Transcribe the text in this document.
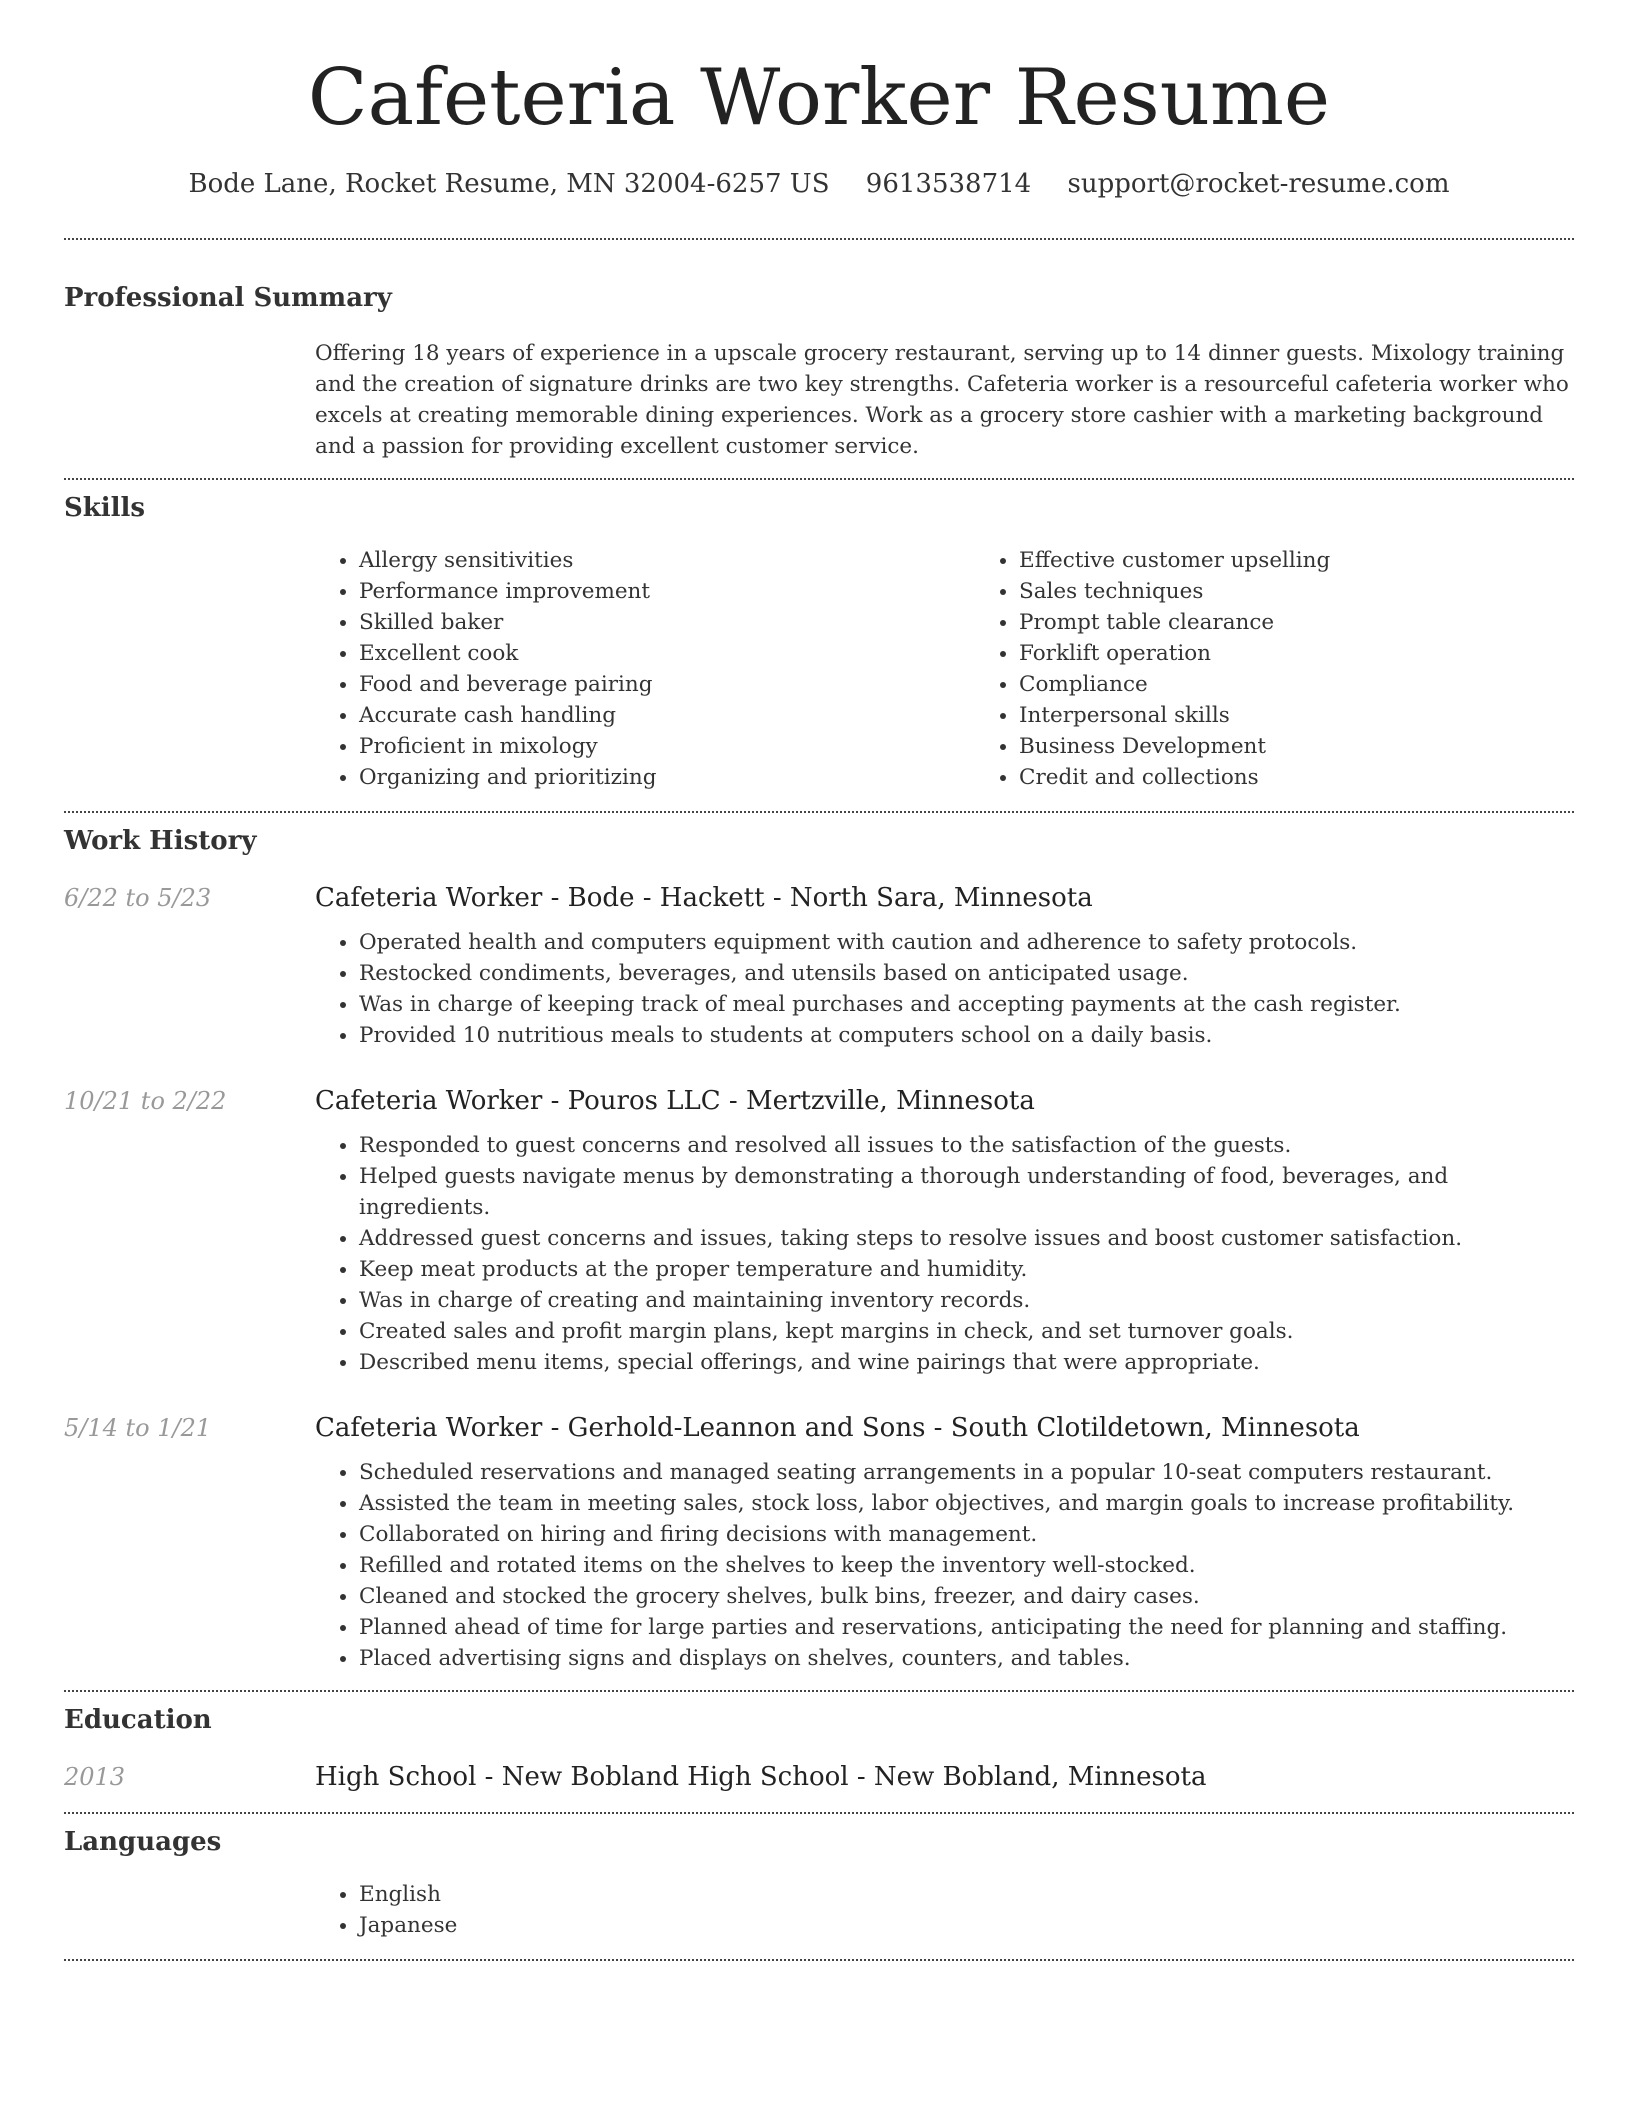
Cafeteria Worker Resume
Bode Lane, Rocket Resume, MN 32004-6257 US 9613538714 support@rocket-resume.com
Professional Summary

Offering 18 years of experience in a upscale grocery restaurant, serving up to 14 dinner guests. Mixology training and the creation of signature drinks are two key strengths. Cafeteria worker is a resourceful cafeteria worker who excels at creating memorable dining experiences. Work as a grocery store cashier with a marketing background and a passion for providing excellent customer service.

Skills
• Allergy sensitivities
• Performance improvement
• Skilled baker
• Excellent cook
• Food and beverage pairing
• Accurate cash handling
• Proficient in mixology
• Organizing and prioritizing
• Effective customer upselling
• Sales techniques
• Prompt table clearance
• Forklift operation
• Compliance
• Interpersonal skills
• Business Development
• Credit and collections
Work History
6/22 to 5/23	Cafeteria Worker - Bode - Hackett - North Sara, Minnesota
• Operated health and computers equipment with caution and adherence to safety protocols.
• Restocked condiments, beverages, and utensils based on anticipated usage.
• Was in charge of keeping track of meal purchases and accepting payments at the cash register.
• Provided 10 nutritious meals to students at computers school on a daily basis.
10/21 to 2/22	Cafeteria Worker - Pouros LLC - Mertzville, Minnesota
• Responded to guest concerns and resolved all issues to the satisfaction of the guests.
• Helped guests navigate menus by demonstrating a thorough understanding of food, beverages, and ingredients.
• Addressed guest concerns and issues, taking steps to resolve issues and boost customer satisfaction.
• Keep meat products at the proper temperature and humidity.
• Was in charge of creating and maintaining inventory records.
• Created sales and profit margin plans, kept margins in check, and set turnover goals.
• Described menu items, special offerings, and wine pairings that were appropriate.
5/14 to 1/21	Cafeteria Worker - Gerhold-Leannon and Sons - South Clotildetown, Minnesota
• Scheduled reservations and managed seating arrangements in a popular 10-seat computers restaurant.
• Assisted the team in meeting sales, stock loss, labor objectives, and margin goals to increase profitability.
• Collaborated on hiring and firing decisions with management.
• Refilled and rotated items on the shelves to keep the inventory well-stocked.
• Cleaned and stocked the grocery shelves, bulk bins, freezer, and dairy cases.
• Planned ahead of time for large parties and reservations, anticipating the need for planning and staffing.
• Placed advertising signs and displays on shelves, counters, and tables.
Education
2013	High School - New Bobland High School - New Bobland, Minnesota
Languages
• English
• Japanese
